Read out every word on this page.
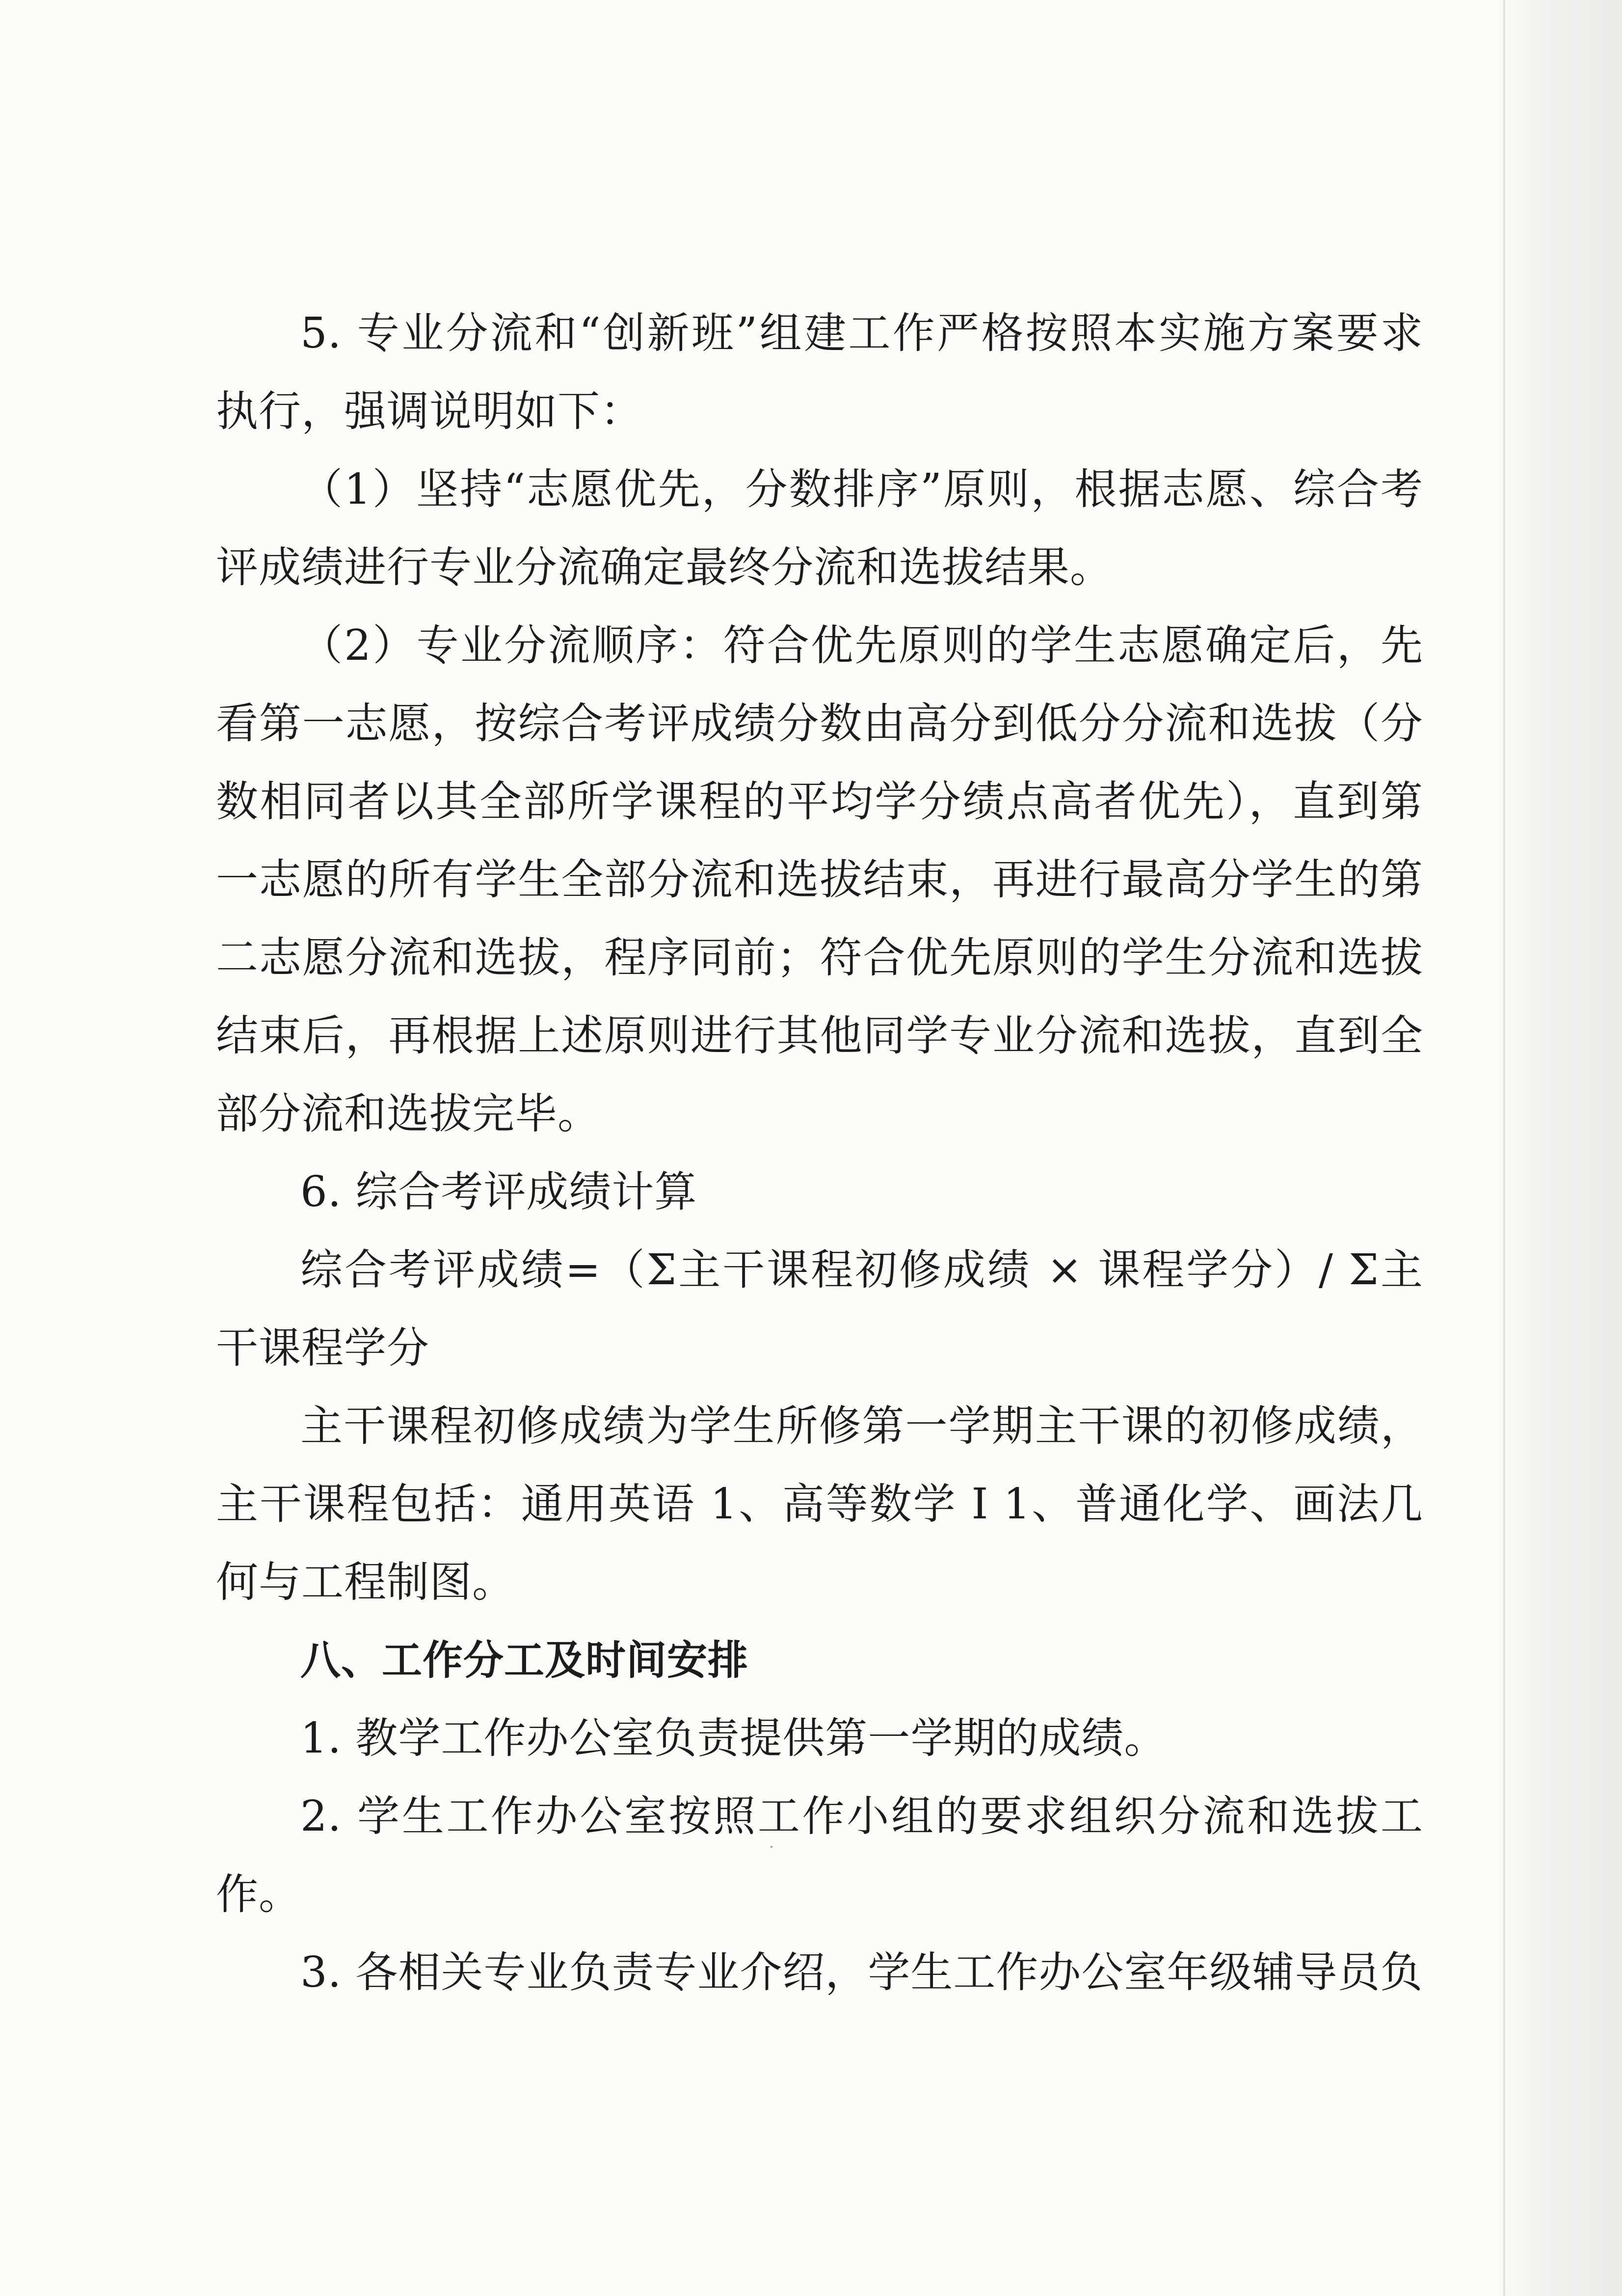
5. 专业分流和“创新班”组建工作严格按照本实施方案要求执行，强调说明如下：

（1）坚持“志愿优先，分数排序”原则，根据志愿、综合考评成绩进行专业分流确定最终分流和选拔结果。

（2）专业分流顺序：符合优先原则的学生志愿确定后，先看第一志愿，按综合考评成绩分数由高分到低分分流和选拔（分数相同者以其全部所学课程的平均学分绩点高者优先），直到第一志愿的所有学生全部分流和选拔结束，再进行最高分学生的第二志愿分流和选拔，程序同前；符合优先原则的学生分流和选拔结束后，再根据上述原则进行其他同学专业分流和选拔，直到全部分流和选拔完毕。

6. 综合考评成绩计算

综合考评成绩=（Σ主干课程初修成绩 × 课程学分）/ Σ主干课程学分

主干课程初修成绩为学生所修第一学期主干课的初修成绩，主干课程包括：通用英语 1、高等数学 I 1、普通化学、画法几何与工程制图。

八、工作分工及时间安排

1. 教学工作办公室负责提供第一学期的成绩。

2. 学生工作办公室按照工作小组的要求组织分流和选拔工作。

3. 各相关专业负责专业介绍，学生工作办公室年级辅导员负
